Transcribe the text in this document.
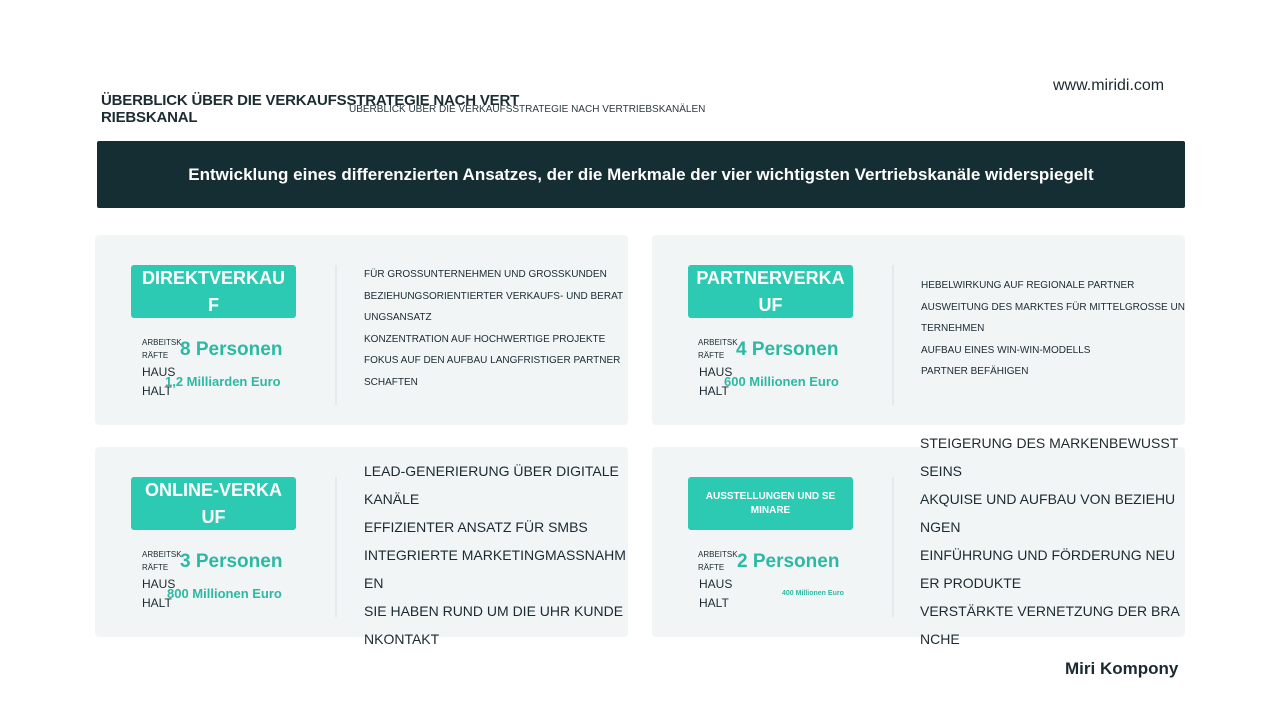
ÜBERBLICK ÜBER DIE VERKAUFSSTRATEGIE NACH VERTRIEBSKANAL	ÜBERBLICK ÜBER DIE VERKAUFSSTRATEGIE NACH VERTRIEBSKANÄLEN
www.miridi.com
Entwicklung eines differenzierten Ansatzes, der die Merkmale der vier wichtigsten Vertriebskanäle widerspiegelt
DIREKTVERKAUF
ARBEITSKRÄFTE 8 Personen
HAUSHALT
1,2 Milliarden Euro
FÜR GROSSUNTERNEHMEN UND GROSSKUNDEN
BEZIEHUNGSORIENTIERTER VERKAUFS- UND BERATUNGSANSATZ
KONZENTRATION AUF HOCHWERTIGE PROJEKTE
FOKUS AUF DEN AUFBAU LANGFRISTIGER PARTNERSCHAFTEN
PARTNERVERKAUF
ARBEITSKRÄFTE 4 Personen
HAUSHALT
600 Millionen Euro
HEBELWIRKUNG AUF REGIONALE PARTNER
AUSWEITUNG DES MARKTES FÜR MITTELGROSSE UNTERNEHMEN
AUFBAU EINES WIN-WIN-MODELLS
PARTNER BEFÄHIGEN
ONLINE-VERKAUF
ARBEITSKRÄFTE 3 Personen
HAUSHALT
800 Millionen Euro
LEAD-GENERIERUNG ÜBER DIGITALE KANÄLE
EFFIZIENTER ANSATZ FÜR SMBS
INTEGRIERTE MARKETINGMASSNAHMEN
SIE HABEN RUND UM DIE UHR KUNDENKONTAKT
AUSSTELLUNGEN UND SEMINARE
ARBEITSKRÄFTE 2 Personen
HAUSHALT
400 Millionen Euro
STEIGERUNG DES MARKENBEWUSSTSEINS
AKQUISE UND AUFBAU VON BEZIEHUNGEN
EINFÜHRUNG UND FÖRDERUNG NEUER PRODUKTE
VERSTÄRKTE VERNETZUNG DER BRANCHE
Miri Kompony
